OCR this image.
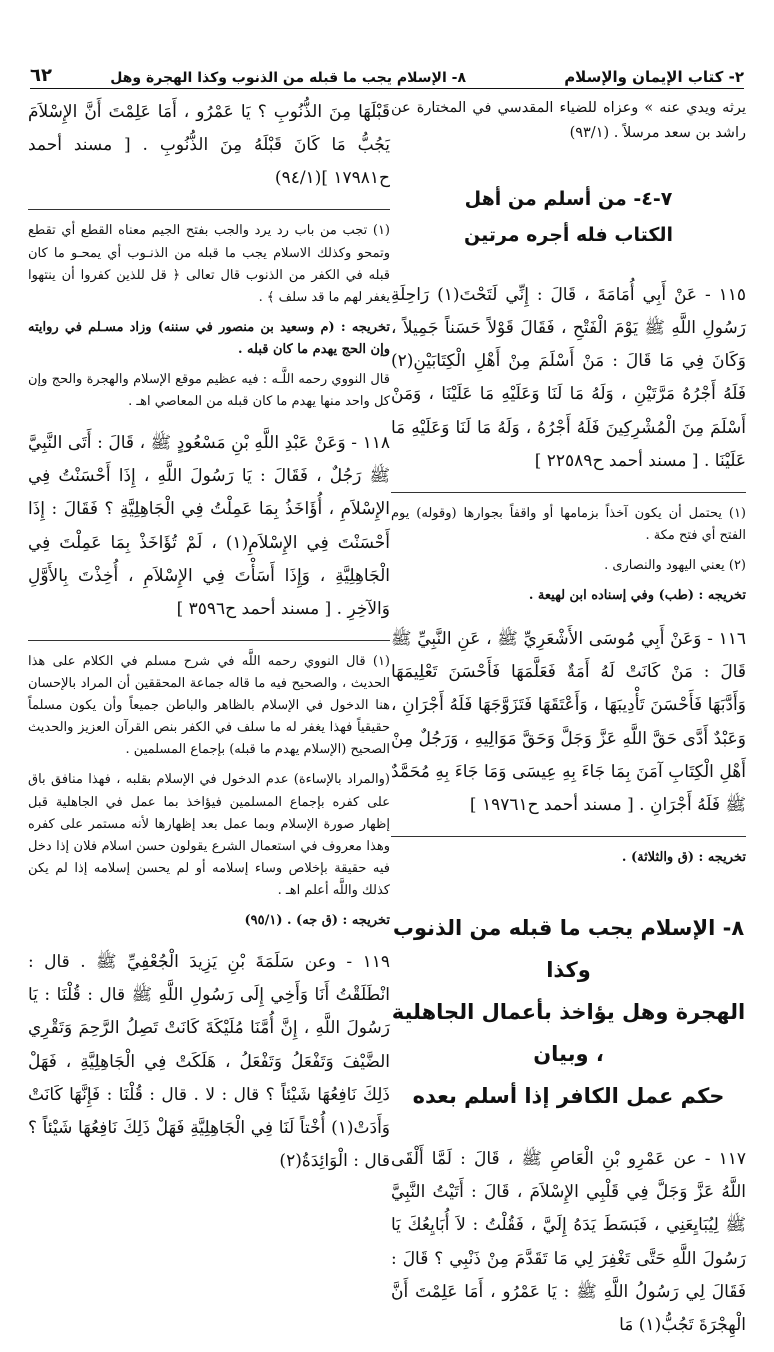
٢- كتاب الإيمان والإسلام
٨- الإسلام يجب ما قبله من الذنوب وكذا الهجرة وهل
٦٢

يرثه ويدي عنه » وعزاه للضياء المقدسي في المختارة عن راشد بن سعد مرسلاً . (٩٣/١)

٧-٤- من أسلم من أهل
الكتاب فله أجره مرتين

١١٥ - عَنْ أَبِي أُمَامَةَ ، قَالَ : إِنِّي لَتَحْتَ(١) رَاحِلَةِ رَسُولِ اللَّهِ ﷺ يَوْمَ الْفَتْحِ ، فَقَالَ قَوْلاً حَسَناً جَمِيلاً ، وَكَانَ فِي مَا قَالَ : مَنْ أَسْلَمَ مِنْ أَهْلِ الْكِتَابَيْنِ(٢) فَلَهُ أَجْرُهُ مَرَّتَيْنِ ، وَلَهُ مَا لَنَا وَعَلَيْهِ مَا عَلَيْنَا ، وَمَنْ أَسْلَمَ مِنَ الْمُشْرِكِينَ فَلَهُ أَجْرُهُ ، وَلَهُ مَا لَنَا وَعَلَيْهِ مَا عَلَيْنَا . [ مسند أحمد ح٢٢٥٨٩ ]

(١) يحتمل أن يكون آخذاً بزمامها أو واقفاً بجوارها (وقوله) يوم الفتح أي فتح مكة .

(٢) يعني اليهود والنصارى .

تخريجه : (طب) وفي إسناده ابن لهيعة .

١١٦ - وَعَنْ أَبِي مُوسَى الأَشْعَرِيِّ ﷺ ، عَنِ النَّبِيِّ ﷺ قَالَ : مَنْ كَانَتْ لَهُ أَمَةٌ فَعَلَّمَهَا فَأَحْسَنَ تَعْلِيمَهَا وَأَدَّبَهَا فَأَحْسَنَ تَأْدِيبَهَا ، وَأَعْتَقَهَا فَتَزَوَّجَهَا فَلَهُ أَجْرَانِ ، وَعَبْدٌ أَدَّى حَقَّ اللَّهِ عَزَّ وَجَلَّ وَحَقَّ مَوَالِيهِ ، وَرَجُلٌ مِنْ أَهْلِ الْكِتَابِ آمَنَ بِمَا جَاءَ بِهِ عِيسَى وَمَا جَاءَ بِهِ مُحَمَّدٌ ﷺ فَلَهُ أَجْرَانِ . [ مسند أحمد ح١٩٧٦١ ]

تخريجه : (ق والثلاثة) .

٨- الإسلام يجب ما قبله من الذنوب وكذا
الهجرة وهل يؤاخذ بأعمال الجاهلية ، وبيان
حكم عمل الكافر إذا أسلم بعده

١١٧ - عن عَمْرِو بْنِ الْعَاصِ ﷺ ، قَالَ : لَمَّا أَلْقَى اللَّهُ عَزَّ وَجَلَّ فِي قَلْبِي الإِسْلاَمَ ، قَالَ : أَتَيْتُ النَّبِيَّ ﷺ لِيُبَايِعَنِي ، فَبَسَطَ يَدَهُ إِلَيَّ ، فَقُلْتُ : لاَ أُبَايِعُكَ يَا رَسُولَ اللَّهِ حَتَّى تَغْفِرَ لِي مَا تَقَدَّمَ مِنْ ذَنْبِي ؟ قَالَ : فَقَالَ لِي رَسُولُ اللَّهِ ﷺ : يَا عَمْرُو ، أَمَا عَلِمْتَ أَنَّ الْهِجْرَةَ تَجُبُّ(١) مَا

قَبْلَهَا مِنَ الذُّنُوبِ ؟ يَا عَمْرُو ، أَمَا عَلِمْتَ أَنَّ الإِسْلاَمَ يَجُبُّ مَا كَانَ قَبْلَهُ مِنَ الذُّنُوبِ . [ مسند أحمد ح١٧٩٨١ ](٩٤/١)

(١) تجب من باب رد يرد والجب بفتح الجيم معناه القطع أي تقطع وتمحو وكذلك الاسلام يجب ما قبله من الذنـوب أي يمحـو ما كان قبله في الكفر من الذنوب قال تعالى ﴿ قل للذين كفروا أن ينتهوا يغفر لهم ما قد سلف ﴾ .

تخريجه : (م وسعيد بن منصور في سننه) وزاد مسـلم في روايته وإن الحج يهدم ما كان قبله .

قال النووي رحمه اللَّـه : فيه عظيم موقع الإسلام والهجرة والحج وإن كل واحد منها يهدم ما كان قبله من المعاصي اهـ .

١١٨ - وَعَنْ عَبْدِ اللَّهِ بْنِ مَسْعُودٍ ﷺ ، قَالَ : أَتَى النَّبِيَّ ﷺ رَجُلٌ ، فَقَالَ : يَا رَسُولَ اللَّهِ ، إِذَا أَحْسَنْتُ فِي الإِسْلاَمِ ، أُؤَاخَذُ بِمَا عَمِلْتُ فِي الْجَاهِلِيَّةِ ؟ فَقَالَ : إِذَا أَحْسَنْتَ فِي الإِسْلاَمِ(١) ، لَمْ تُؤَاخَذْ بِمَا عَمِلْتَ فِي الْجَاهِلِيَّةِ ، وَإِذَا أَسَأْتَ فِي الإِسْلاَمِ ، أُخِذْتَ بِالأَوَّلِ وَالآخِرِ . [ مسند أحمد ح٣٥٩٦ ]

(١) قال النووي رحمه اللَّه في شرح مسلم في الكلام على هذا الحديث ، والصحيح فيه ما قاله جماعة المحققين أن المراد بالإحسان هنا الدخول في الإسلام بالظاهر والباطن جميعاً وأن يكون مسلماً حقيقياً فهذا يغفر له ما سلف في الكفر بنص القرآن العزيز والحديث الصحيح (الإسلام يهدم ما قبله) بإجماع المسلمين .

(والمراد بالإساءة) عدم الدخول في الإسلام بقلبه ، فهذا منافق باق على كفره بإجماع المسلمين فيؤاخذ بما عمل في الجاهلية قبل إظهار صورة الإسلام وبما عمل بعد إظهارها لأنه مستمر على كفره وهذا معروف في استعمال الشرع يقولون حسن اسلام فلان إذا دخل فيه حقيقة بإخلاص وساء إسلامه أو لم يحسن إسلامه إذا لم يكن كذلك واللَّه أعلم اهـ .

تخريجه : (ق جه) . (٩٥/١)

١١٩ - وعن سَلَمَةَ بْنِ يَزِيدَ الْجُعْفِيِّ ﷺ . قال : انْطَلَقْتُ أَنَا وَأَخِي إِلَى رَسُولِ اللَّهِ ﷺ قال : قُلْنَا : يَا رَسُولَ اللَّهِ ، إِنَّ أُمَّنَا مُلَيْكَةَ كَانَتْ تَصِلُ الرَّحِمَ وَتَقْرِي الضَّيْفَ وَتَفْعَلُ وَتَفْعَلُ ، هَلَكَتْ فِي الْجَاهِلِيَّةِ ، فَهَلْ ذَلِكَ نَافِعُهَا شَيْئاً ؟ قال : لا . قال : قُلْنَا : فَإِنَّهَا كَانَتْ وَأَدَتْ(١) أُخْتاً لَنَا فِي الْجَاهِلِيَّةِ فَهَلْ ذَلِكَ نَافِعُهَا شَيْئاً ؟ قال : الْوَائِدَةُ(٢)
